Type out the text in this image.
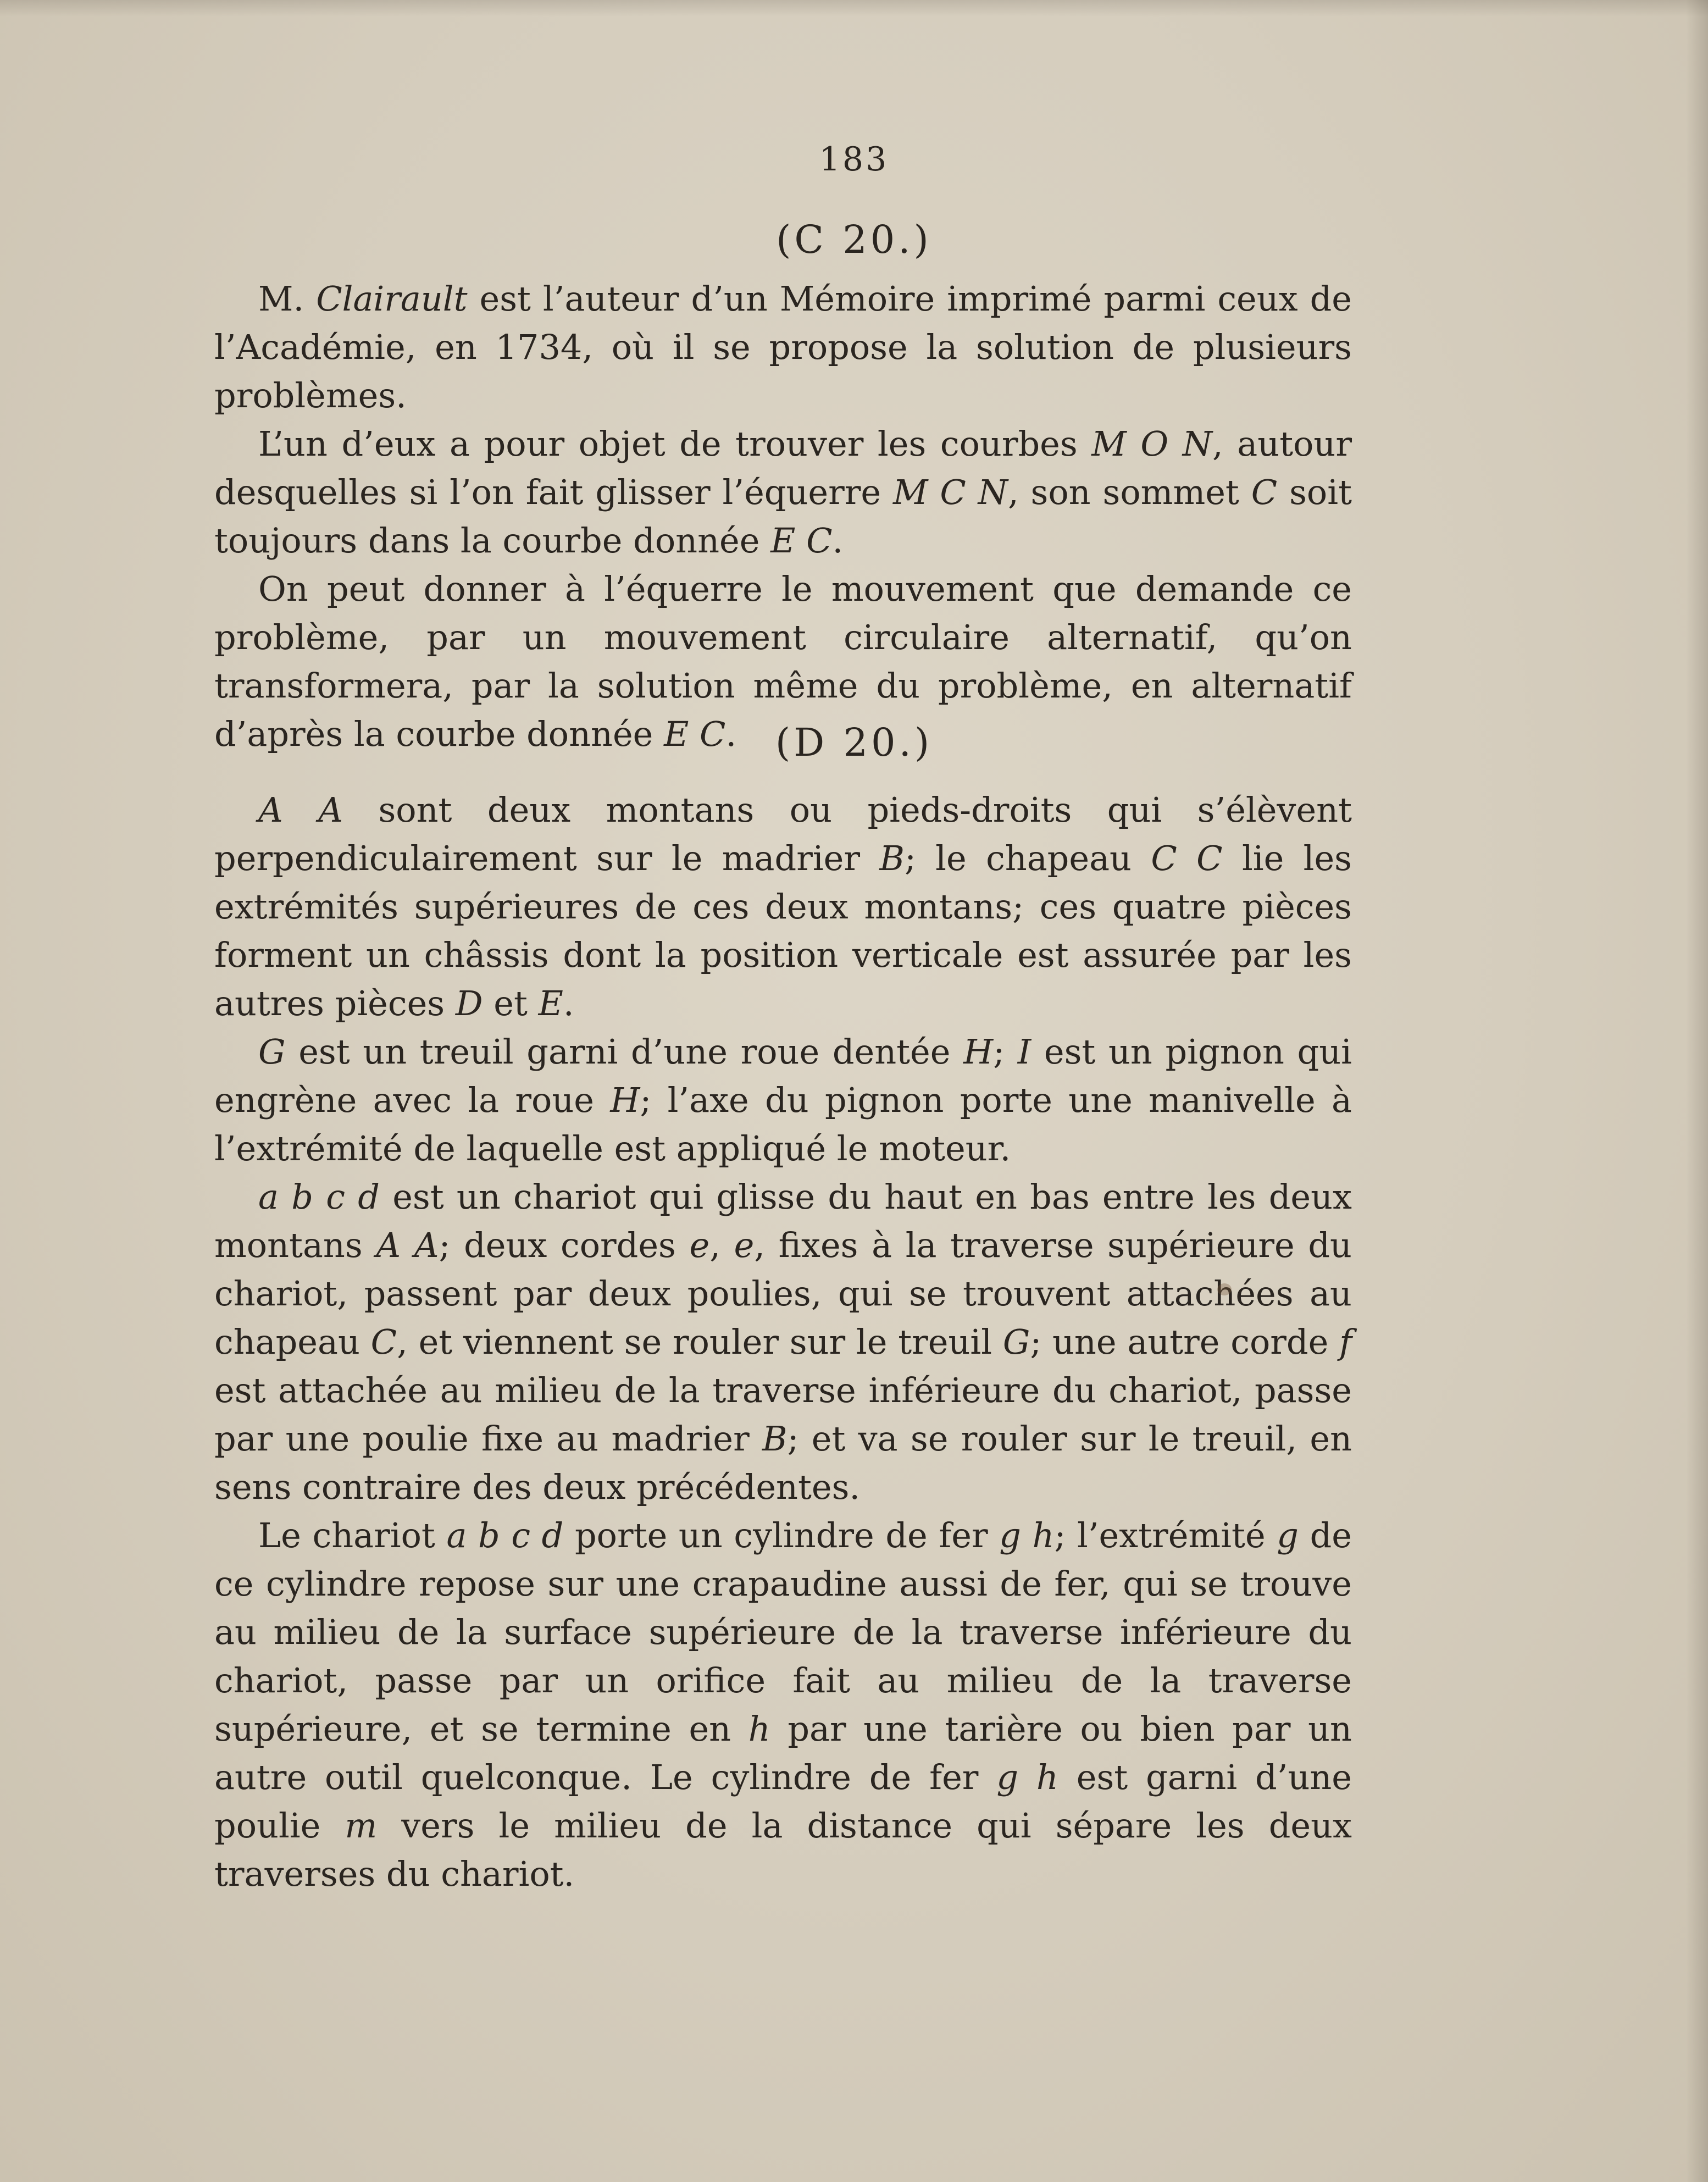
183
(C 20.)

M. Clairault est l’auteur d’un Mémoire imprimé parmi ceux de l’Académie, en 1734, où il se propose la solution de plusieurs problèmes.

L’un d’eux a pour objet de trouver les courbes M O N, autour desquelles si l’on fait glisser l’équerre M C N, son sommet C soit toujours dans la courbe donnée E C.

On peut donner à l’équerre le mouvement que demande ce problème, par un mouvement circulaire alternatif, qu’on transformera, par la solution même du problème, en alternatif d’après la courbe donnée E C.	(D 20.)

A A sont deux montans ou pieds-droits qui s’élèvent perpendiculairement sur le madrier B; le chapeau C C lie les extrémités supérieures de ces deux montans; ces quatre pièces forment un châssis dont la position verticale est assurée par les autres pièces D et E.

G est un treuil garni d’une roue dentée H; I est un pignon qui engrène avec la roue H; l’axe du pignon porte une manivelle à l’extrémité de laquelle est appliqué le moteur.

a b c d est un chariot qui glisse du haut en bas entre les deux montans A A; deux cordes e, e, fixes à la traverse supérieure du chariot, passent par deux poulies, qui se trouvent attachées au chapeau C, et viennent se rouler sur le treuil G; une autre corde f est attachée au milieu de la traverse inférieure du chariot, passe par une poulie fixe au madrier B; et va se rouler sur le treuil, en sens contraire des deux précédentes.

Le chariot a b c d porte un cylindre de fer g h; l’extrémité g de ce cylindre repose sur une crapaudine aussi de fer, qui se trouve au milieu de la surface supérieure de la traverse inférieure du chariot, passe par un orifice fait au milieu de la traverse supérieure, et se termine en h par une tarière ou bien par un autre outil quelconque. Le cylindre de fer g h est garni d’une poulie m vers le milieu de la distance qui sépare les deux traverses du chariot.
